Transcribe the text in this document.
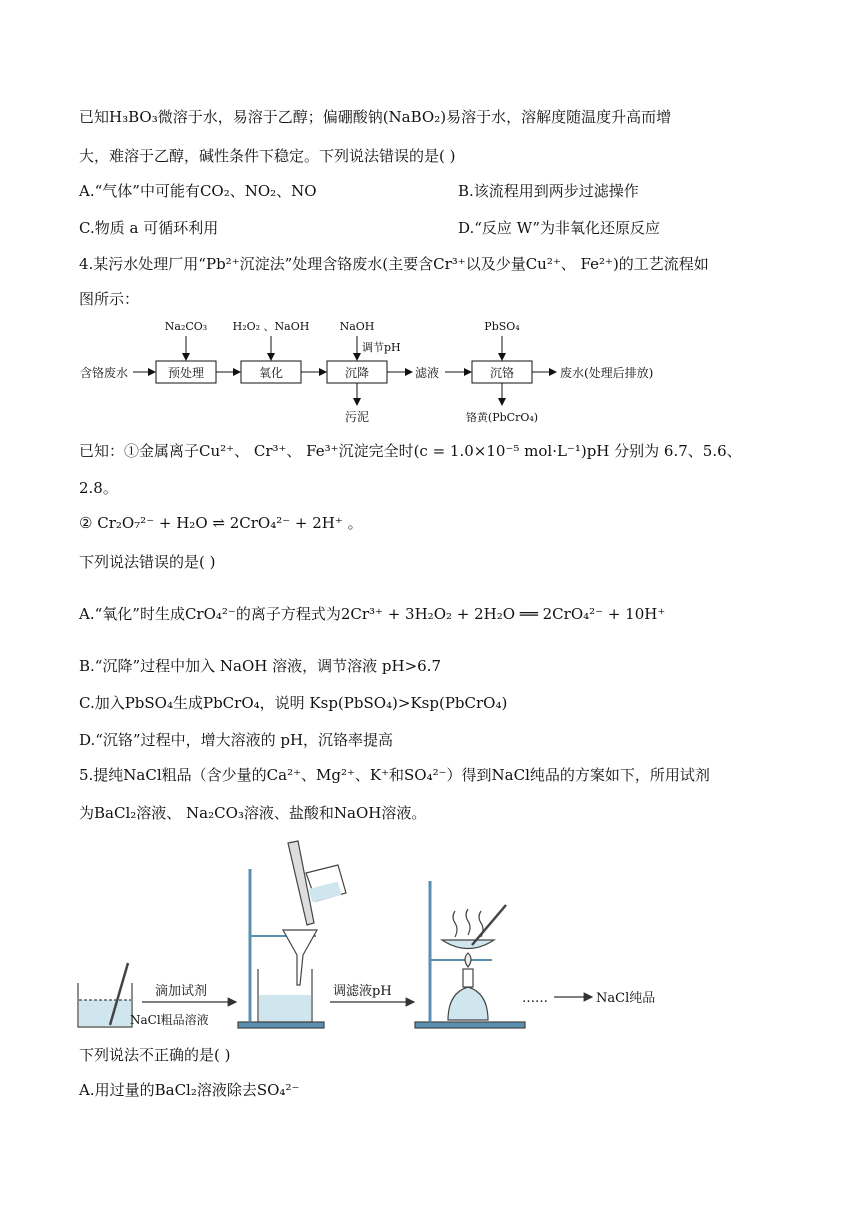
已知H₃BO₃微溶于水，易溶于乙醇；偏硼酸钠(NaBO₂)易溶于水，溶解度随温度升高而增
大，难溶于乙醇，碱性条件下稳定。下列说法错误的是( )
A.“气体”中可能有CO₂、NO₂、NO	B.该流程用到两步过滤操作
C.物质 a 可循环利用	D.“反应 W”为非氧化还原反应
4.某污水处理厂用“Pb²⁺沉淀法”处理含铬废水(主要含Cr³⁺以及少量Cu²⁺、 Fe²⁺)的工艺流程如
图所示：
含铬废水	预处理	氧化	沉降	沉铬
Na₂CO₃ H₂O₂ 、NaOH	NaOH
调节pH
PbSO₄
滤液	废水(处理后排放)
污泥	铬黄(PbCrO₄)
已知：①金属离子Cu²⁺、 Cr³⁺、 Fe³⁺沉淀完全时(c = 1.0×10⁻⁵ mol·L⁻¹)pH 分别为 6.7、5.6、
2.8。
② Cr₂O₇²⁻ + H₂O ⇌ 2CrO₄²⁻ + 2H⁺ 。
下列说法错误的是( )
A.“氧化”时生成CrO₄²⁻的离子方程式为2Cr³⁺ + 3H₂O₂ + 2H₂O ══ 2CrO₄²⁻ + 10H⁺
B.“沉降”过程中加入 NaOH 溶液，调节溶液 pH>6.7
C.加入PbSO₄生成PbCrO₄，说明 Ksp(PbSO₄)>Ksp(PbCrO₄)
D.“沉铬”过程中，增大溶液的 pH，沉铬率提高
5.提纯NaCl粗品（含少量的Ca²⁺、Mg²⁺、K⁺和SO₄²⁻）得到NaCl纯品的方案如下，所用试剂
为BaCl₂溶液、 Na₂CO₃溶液、盐酸和NaOH溶液。
滴加试剂
NaCl粗品溶液
调滤液pH	……	NaCl纯品
下列说法不正确的是( )
A.用过量的BaCl₂溶液除去SO₄²⁻
